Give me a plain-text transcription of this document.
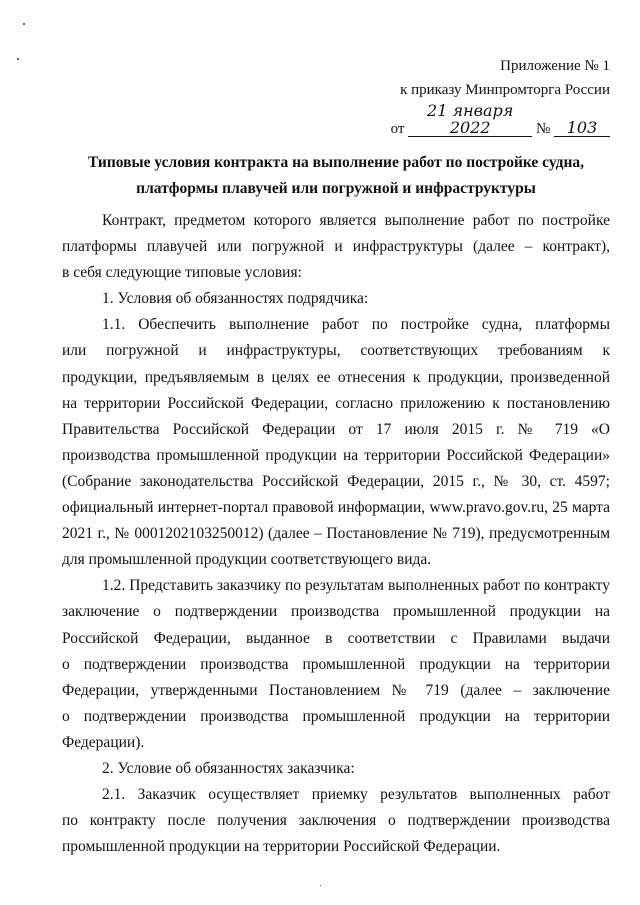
Приложение № 1
к приказу Минпромторга России
от 21 января 2022	№ 103
Типовые условия контракта на выполнение работ по постройке судна,
платформы плавучей или погружной и инфраструктуры
Контракт, предметом которого является выполнение работ по постройке
платформы плавучей или погружной и инфраструктуры (далее – контракт),
в себя следующие типовые условия:
1. Условия об обязанностях подрядчика:
1.1. Обеспечить выполнение работ по постройке судна, платформы
или погружной и инфраструктуры, соответствующих требованиям к
продукции, предъявляемым в целях ее отнесения к продукции, произведенной
на территории Российской Федерации, согласно приложению к постановлению
Правительства Российской Федерации от 17 июля 2015 г. № 719 «О
производства промышленной продукции на территории Российской Федерации»
(Собрание законодательства Российской Федерации, 2015 г., № 30, ст. 4597;
официальный интернет-портал правовой информации, www.pravo.gov.ru, 25 марта
2021 г., № 0001202103250012) (далее – Постановление № 719), предусмотренным
для промышленной продукции соответствующего вида.
1.2. Представить заказчику по результатам выполненных работ по контракту
заключение о подтверждении производства промышленной продукции на
Российской Федерации, выданное в соответствии с Правилами выдачи
о подтверждении производства промышленной продукции на территории
Федерации, утвержденными Постановлением № 719 (далее – заключение
о подтверждении производства промышленной продукции на территории
Федерации).
2. Условие об обязанностях заказчика:
2.1. Заказчик осуществляет приемку результатов выполненных работ
по контракту после получения заключения о подтверждении производства
промышленной продукции на территории Российской Федерации.
